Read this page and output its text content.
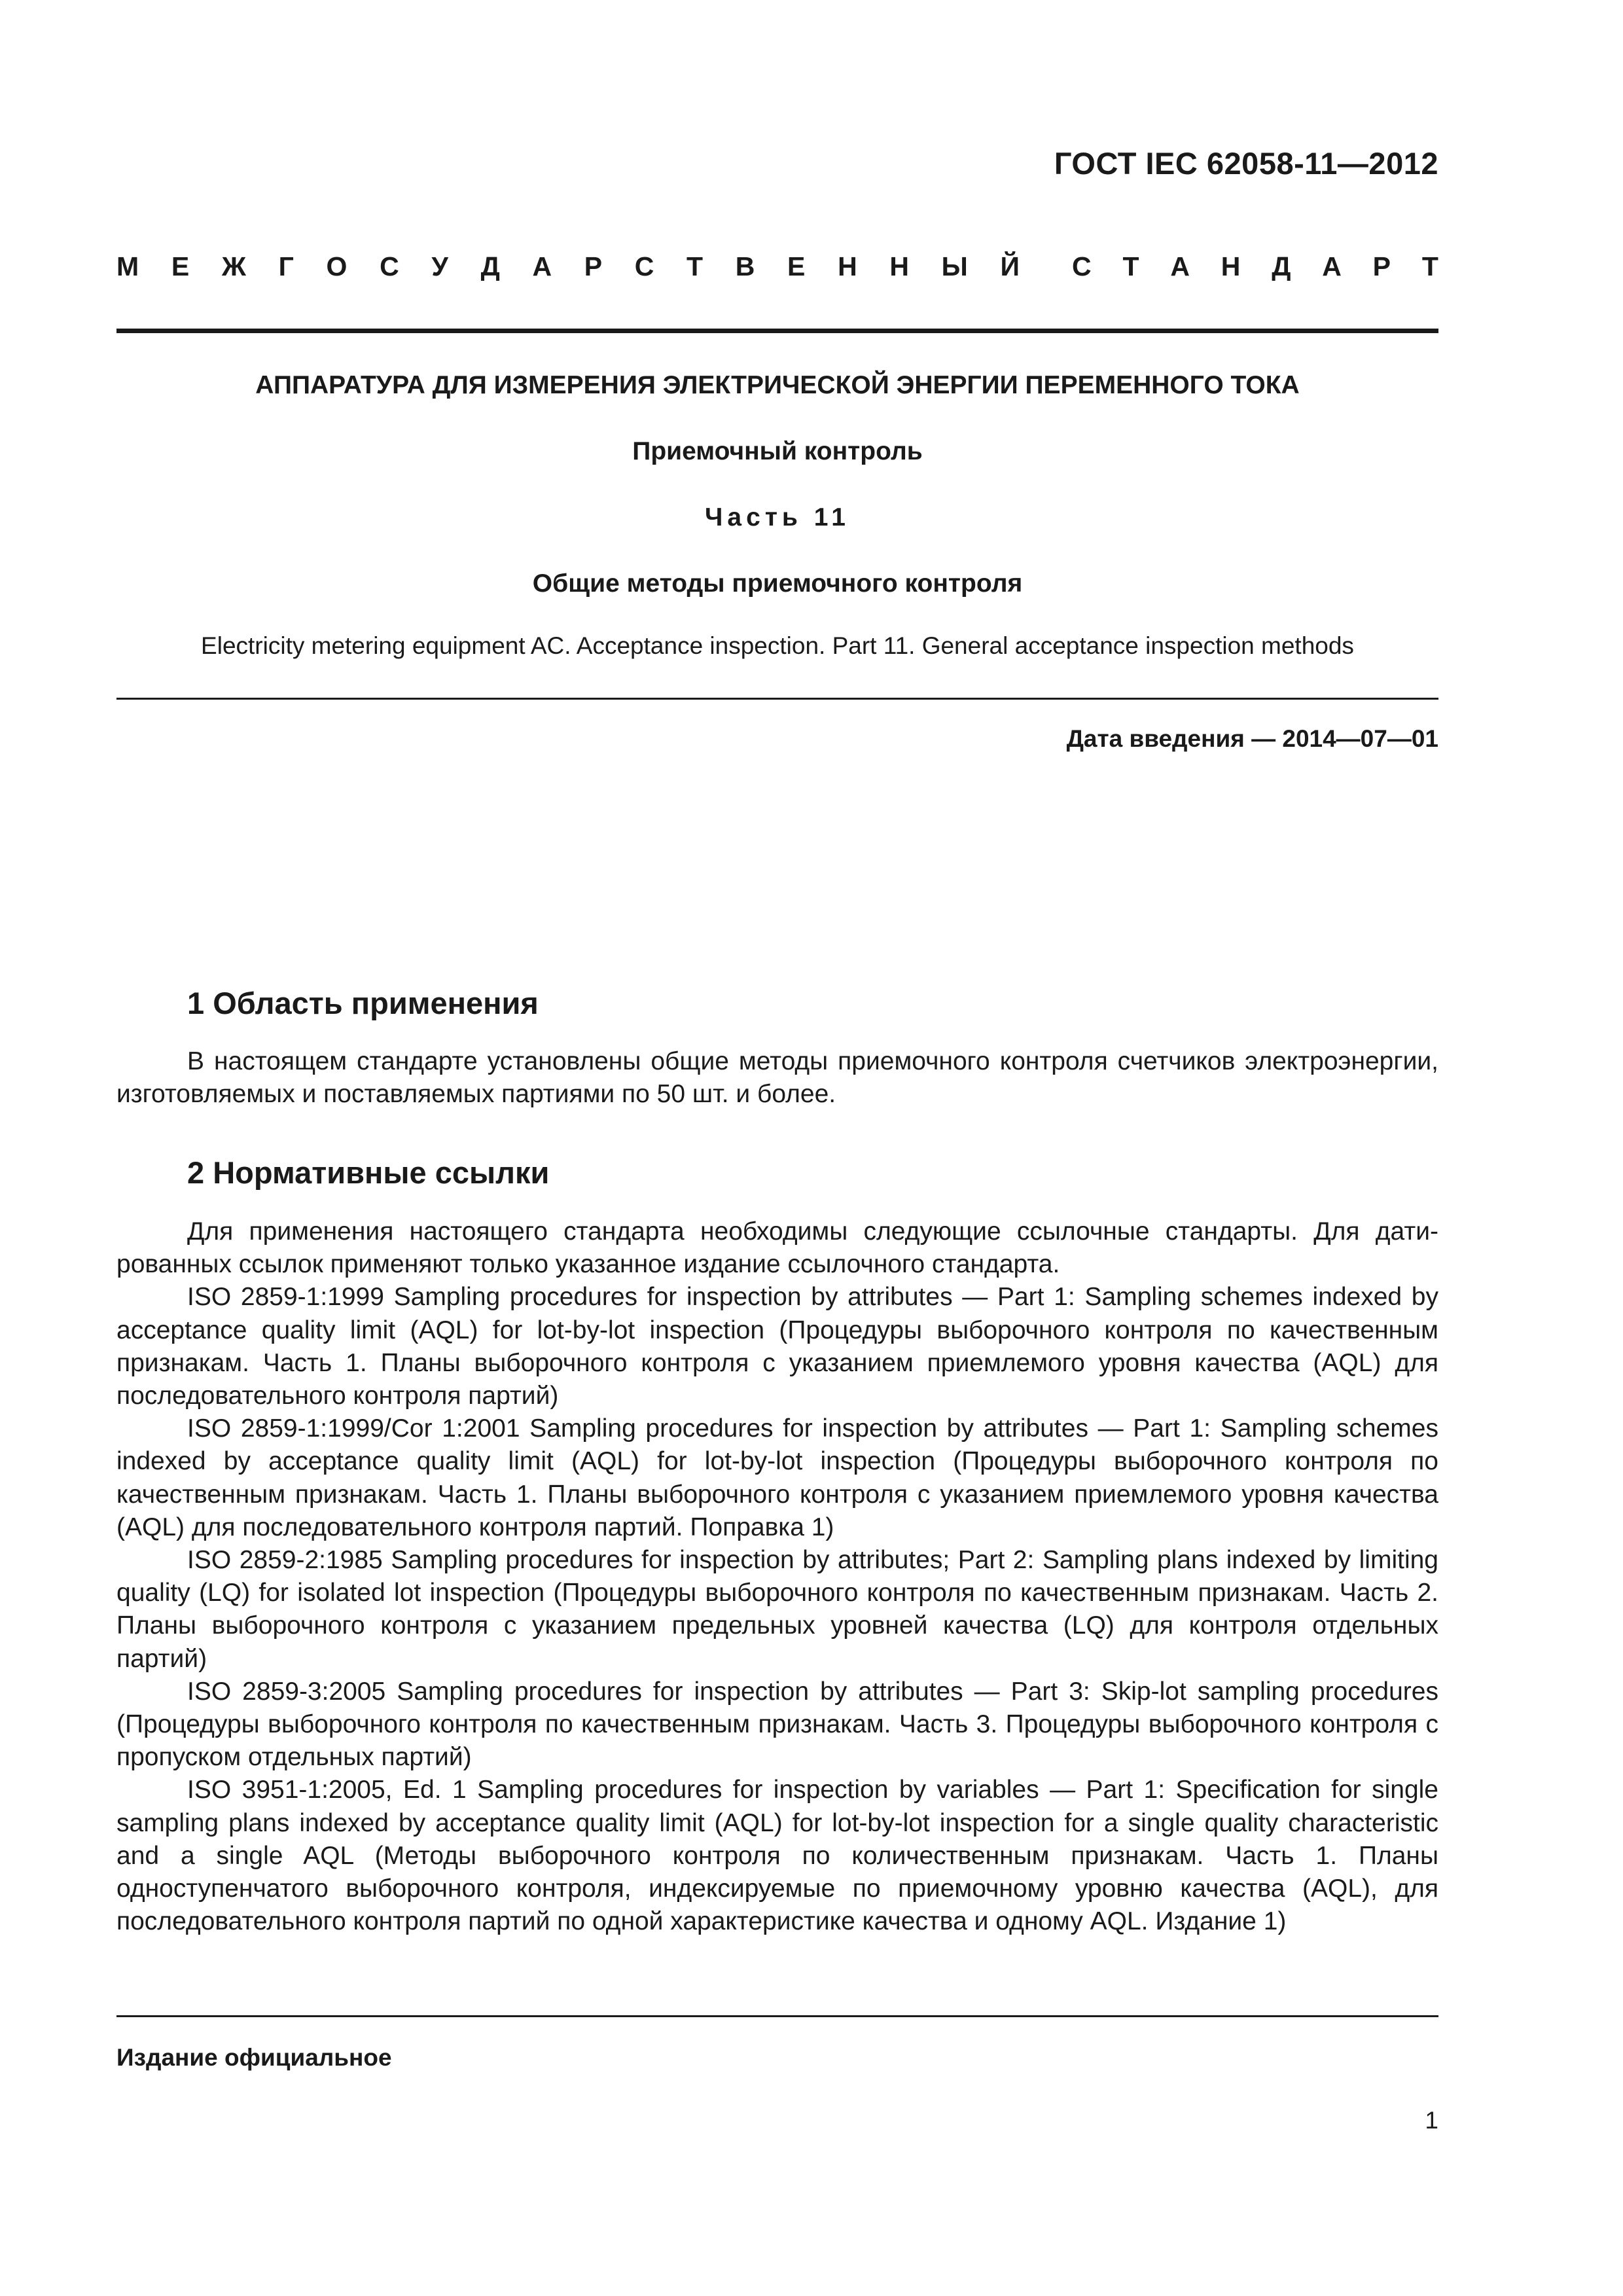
ГОСТ IEC 62058-11—2012
М Е Ж Г О С У Д А Р С Т В Е Н Н Ы Й С Т А Н Д А Р Т
АППАРАТУРА ДЛЯ ИЗМЕРЕНИЯ ЭЛЕКТРИЧЕСКОЙ ЭНЕРГИИ ПЕРЕМЕННОГО ТОКА
Приемочный контроль
Часть 11
Общие методы приемочного контроля
Electricity metering equipment AC. Acceptance inspection. Part 11. General acceptance inspection methods
Дата введения — 2014—07—01
1 Область применения

В настоящем стандарте установлены общие методы приемочного контроля счетчиков электроэнергии, изготовляемых и поставляемых партиями по 50 шт. и более.

2 Нормативные ссылки

Для применения настоящего стандарта необходимы следующие ссылочные стандарты. Для датированных ссылок применяют только указанное издание ссылочного стандарта.

ISO 2859-1:1999 Sampling procedures for inspection by attributes — Part 1: Sampling schemes indexed by acceptance quality limit (AQL) for lot-by-lot inspection (Процедуры выборочного контроля по качественным признакам. Часть 1. Планы выборочного контроля с указанием приемлемого уровня качества (AQL) для последовательного контроля партий)

ISO 2859-1:1999/Cor 1:2001 Sampling procedures for inspection by attributes — Part 1: Sampling schemes indexed by acceptance quality limit (AQL) for lot-by-lot inspection (Процедуры выборочного контроля по качественным признакам. Часть 1. Планы выборочного контроля с указанием приемлемого уровня качества (AQL) для последовательного контроля партий. Поправка 1)

ISO 2859-2:1985 Sampling procedures for inspection by attributes; Part 2: Sampling plans indexed by limiting quality (LQ) for isolated lot inspection (Процедуры выборочного контроля по качественным признакам. Часть 2. Планы выборочного контроля с указанием предельных уровней качества (LQ) для контроля отдельных партий)

ISO 2859-3:2005 Sampling procedures for inspection by attributes — Part 3: Skip-lot sampling procedures (Процедуры выборочного контроля по качественным признакам. Часть 3. Процедуры выборочного контроля с пропуском отдельных партий)

ISO 3951-1:2005, Ed. 1 Sampling procedures for inspection by variables — Part 1: Specification for single sampling plans indexed by acceptance quality limit (AQL) for lot-by-lot inspection for a single quality characteristic and a single AQL (Методы выборочного контроля по количественным признакам. Часть 1. Планы одноступенчатого выборочного контроля, индексируемые по приемочному уровню качества (AQL), для последовательного контроля партий по одной характеристике качества и одному AQL. Издание 1)

Издание официальное
1
